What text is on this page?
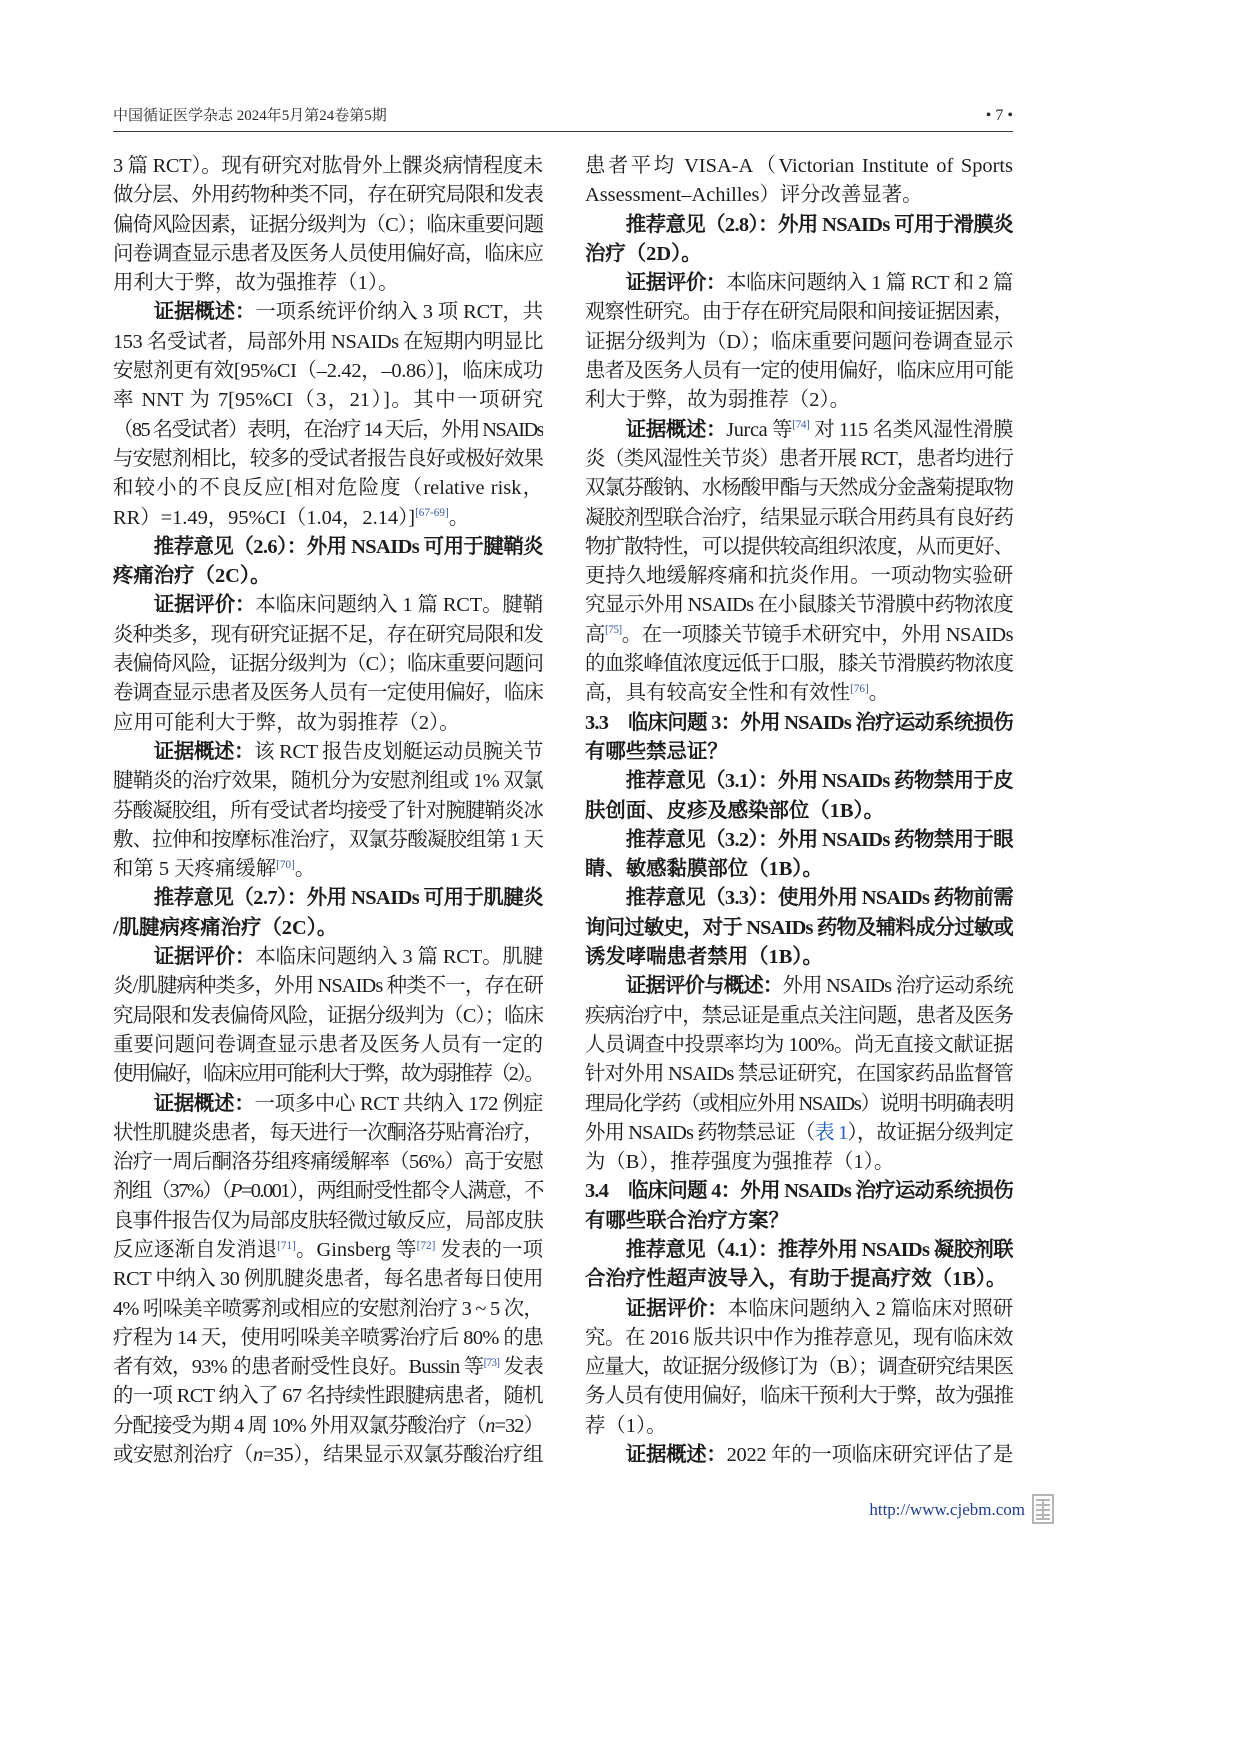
中国循证医学杂志 2024年5月第24卷第5期	• 7 •
3 篇 RCT）。现有研究对肱骨外上髁炎病情程度未
做分层、外用药物种类不同，存在研究局限和发表
偏倚风险因素，证据分级判为（C）；临床重要问题
问卷调查显示患者及医务人员使用偏好高，临床应
用利大于弊，故为强推荐（1）。
证据概述：一项系统评价纳入 3 项 RCT，共
153 名受试者，局部外用 NSAIDs 在短期内明显比
安慰剂更有效[95%CI（–2.42，–0.86）]，临床成功
率 NNT 为 7[95%CI（3，21）]。其中一项研究
（85 名受试者）表明，在治疗 14 天后，外用 NSAIDs
与安慰剂相比，较多的受试者报告良好或极好效果
和较小的不良反应[相对危险度（relative risk，
RR）=1.49，95%CI（1.04，2.14）][67-69]。
推荐意见（2.6）：外用 NSAIDs 可用于腱鞘炎
疼痛治疗（2C）。
证据评价：本临床问题纳入 1 篇 RCT。腱鞘
炎种类多，现有研究证据不足，存在研究局限和发
表偏倚风险，证据分级判为（C）；临床重要问题问
卷调查显示患者及医务人员有一定使用偏好，临床
应用可能利大于弊，故为弱推荐（2）。
证据概述：该 RCT 报告皮划艇运动员腕关节
腱鞘炎的治疗效果，随机分为安慰剂组或 1% 双氯
芬酸凝胶组，所有受试者均接受了针对腕腱鞘炎冰
敷、拉伸和按摩标准治疗，双氯芬酸凝胶组第 1 天
和第 5 天疼痛缓解[70]。
推荐意见（2.7）：外用 NSAIDs 可用于肌腱炎
/肌腱病疼痛治疗（2C）。
证据评价：本临床问题纳入 3 篇 RCT。肌腱
炎/肌腱病种类多，外用 NSAIDs 种类不一，存在研
究局限和发表偏倚风险，证据分级判为（C）；临床
重要问题问卷调查显示患者及医务人员有一定的
使用偏好，临床应用可能利大于弊，故为弱推荐（2）。
证据概述：一项多中心 RCT 共纳入 172 例症
状性肌腱炎患者，每天进行一次酮洛芬贴膏治疗，
治疗一周后酮洛芬组疼痛缓解率（56%）高于安慰
剂组（37%）（P=0.001），两组耐受性都令人满意，不
良事件报告仅为局部皮肤轻微过敏反应，局部皮肤
反应逐渐自发消退[71]。Ginsberg 等[72] 发表的一项
RCT 中纳入 30 例肌腱炎患者，每名患者每日使用
4% 吲哚美辛喷雾剂或相应的安慰剂治疗 3 ~ 5 次，
疗程为 14 天，使用吲哚美辛喷雾治疗后 80% 的患
者有效，93% 的患者耐受性良好。Bussin 等[73] 发表
的一项 RCT 纳入了 67 名持续性跟腱病患者，随机
分配接受为期 4 周 10% 外用双氯芬酸治疗（n=32）
或安慰剂治疗（n=35），结果显示双氯芬酸治疗组
患者平均 VISA-A（Victorian Institute of Sports
Assessment–Achilles）评分改善显著。
推荐意见（2.8）：外用 NSAIDs 可用于滑膜炎
治疗（2D）。
证据评价：本临床问题纳入 1 篇 RCT 和 2 篇
观察性研究。由于存在研究局限和间接证据因素，
证据分级判为（D）；临床重要问题问卷调查显示
患者及医务人员有一定的使用偏好，临床应用可能
利大于弊，故为弱推荐（2）。
证据概述：Jurca 等[74] 对 115 名类风湿性滑膜
炎（类风湿性关节炎）患者开展 RCT，患者均进行
双氯芬酸钠、水杨酸甲酯与天然成分金盏菊提取物
凝胶剂型联合治疗，结果显示联合用药具有良好药
物扩散特性，可以提供较高组织浓度，从而更好、
更持久地缓解疼痛和抗炎作用。一项动物实验研
究显示外用 NSAIDs 在小鼠膝关节滑膜中药物浓度
高[75]。在一项膝关节镜手术研究中，外用 NSAIDs
的血浆峰值浓度远低于口服，膝关节滑膜药物浓度
高，具有较高安全性和有效性[76]。
3.3　临床问题 3：外用 NSAIDs 治疗运动系统损伤
有哪些禁忌证？
推荐意见（3.1）：外用 NSAIDs 药物禁用于皮
肤创面、皮疹及感染部位（1B）。
推荐意见（3.2）：外用 NSAIDs 药物禁用于眼
睛、敏感黏膜部位（1B）。
推荐意见（3.3）：使用外用 NSAIDs 药物前需
询问过敏史，对于 NSAIDs 药物及辅料成分过敏或
诱发哮喘患者禁用（1B）。
证据评价与概述：外用 NSAIDs 治疗运动系统
疾病治疗中，禁忌证是重点关注问题，患者及医务
人员调查中投票率均为 100%。尚无直接文献证据
针对外用 NSAIDs 禁忌证研究，在国家药品监督管
理局化学药（或相应外用 NSAIDs）说明书明确表明
外用 NSAIDs 药物禁忌证（表 1），故证据分级判定
为（B），推荐强度为强推荐（1）。
3.4　临床问题 4：外用 NSAIDs 治疗运动系统损伤
有哪些联合治疗方案？
推荐意见（4.1）：推荐外用 NSAIDs 凝胶剂联
合治疗性超声波导入，有助于提高疗效（1B）。
证据评价：本临床问题纳入 2 篇临床对照研
究。在 2016 版共识中作为推荐意见，现有临床效
应量大，故证据分级修订为（B）；调查研究结果医
务人员有使用偏好，临床干预利大于弊，故为强推
荐（1）。
证据概述：2022 年的一项临床研究评估了是
http://www.cjebm.com
